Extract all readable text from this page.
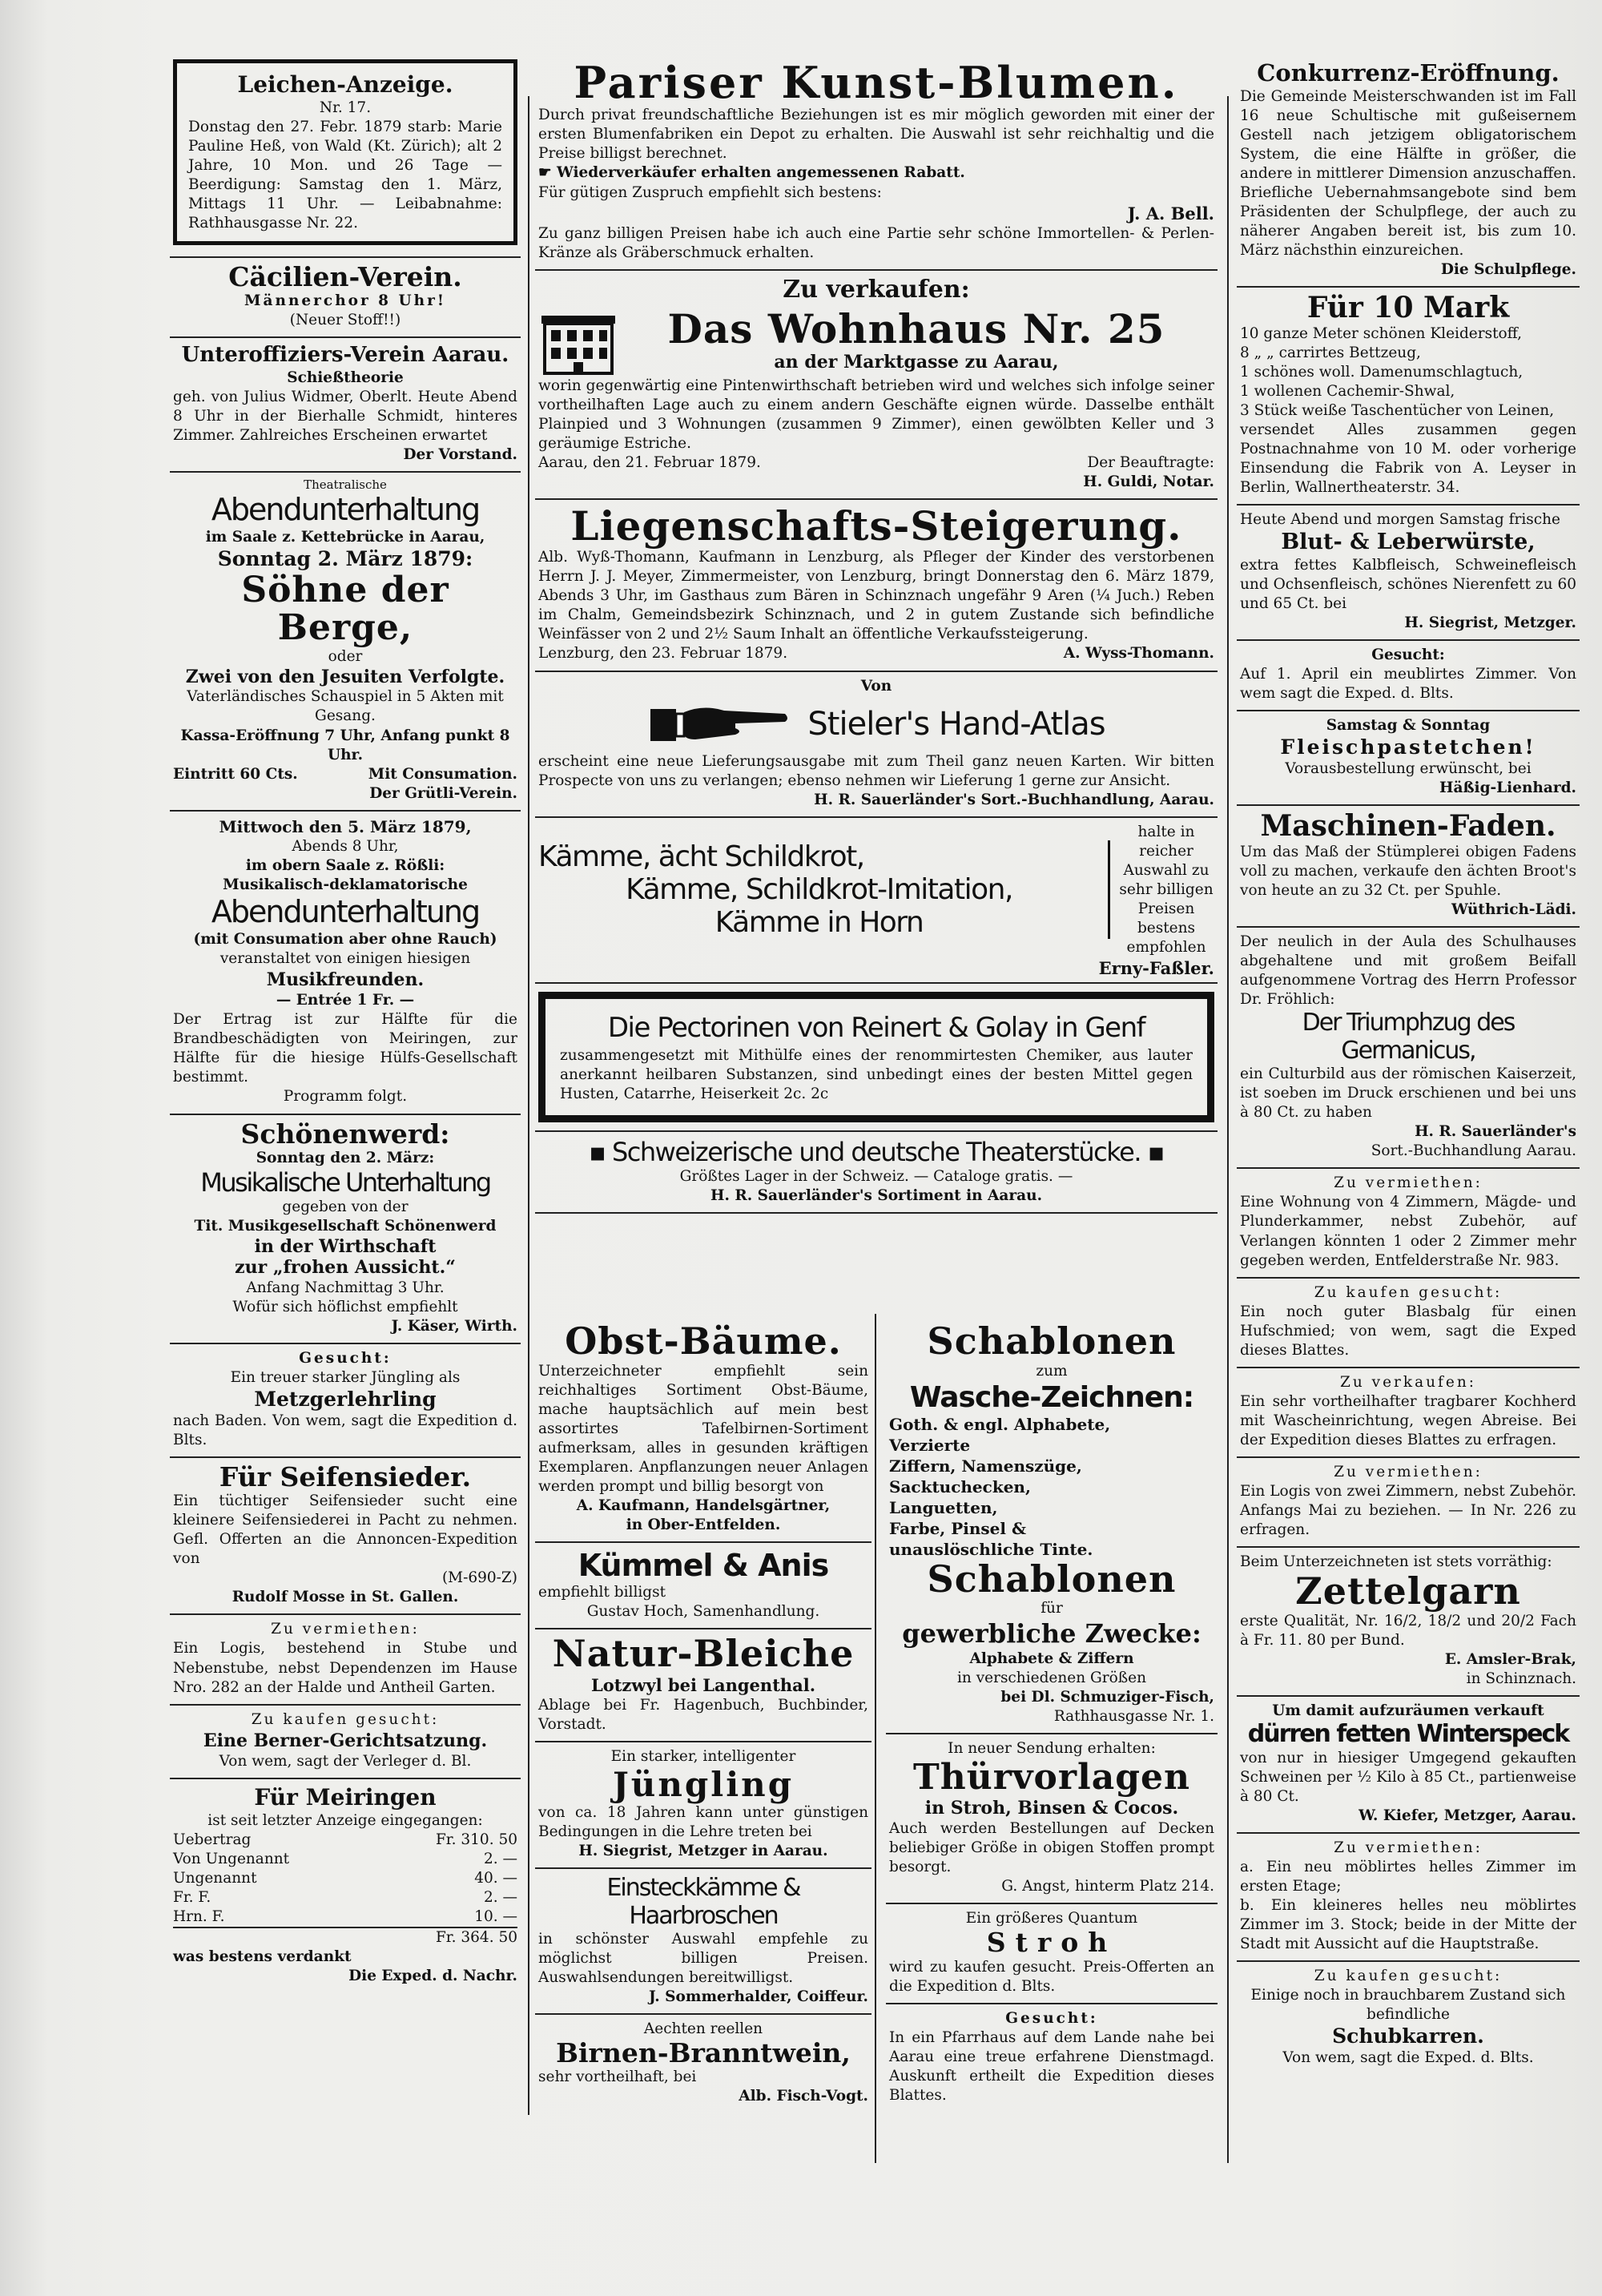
Leichen-Anzeige.
Nr. 17.
Donstag den 27. Febr. 1879 starb: Marie Pauline Heß, von Wald (Kt. Zürich); alt 2 Jahre, 10 Mon. und 26 Tage — Beerdigung: Samstag den 1. März, Mittags 11 Uhr. — Leibabnahme: Rathhausgasse Nr. 22.
Cäcilien-Verein.
Männerchor 8 Uhr!
(Neuer Stoff!!)
Unteroffiziers-Verein Aarau.
Schießtheorie
geh. von Julius Widmer, Oberlt. Heute Abend 8 Uhr in der Bierhalle Schmidt, hinteres Zimmer. Zahlreiches Erscheinen erwartet
Der Vorstand.
Theatralische
Abendunterhaltung
im Saale z. Kettebrücke in Aarau,
Sonntag 2. März 1879:
Söhne der Berge,
oder
Zwei von den Jesuiten Verfolgte.
Vaterländisches Schauspiel in 5 Akten mit Gesang.
Kassa-Eröffnung 7 Uhr, Anfang punkt 8 Uhr.
Eintritt 60 Cts.	Mit Consumation.
Der Grütli-Verein.
Mittwoch den 5. März 1879,
Abends 8 Uhr,
im obern Saale z. Rößli:
Musikalisch-deklamatorische
Abendunterhaltung
(mit Consumation aber ohne Rauch)
veranstaltet von einigen hiesigen
Musikfreunden.
— Entrée 1 Fr. —
Der Ertrag ist zur Hälfte für die Brandbeschädigten von Meiringen, zur Hälfte für die hiesige Hülfs-Gesellschaft bestimmt.
Programm folgt.
Schönenwerd:
Sonntag den 2. März:
Musikalische Unterhaltung
gegeben von der
Tit. Musikgesellschaft Schönenwerd
in der Wirthschaft
zur „frohen Aussicht.“
Anfang Nachmittag 3 Uhr.
Wofür sich höflichst empfiehlt
J. Käser, Wirth.
Gesucht:
Ein treuer starker Jüngling als
Metzgerlehrling
nach Baden. Von wem, sagt die Expedition d. Blts.
Für Seifensieder.
Ein tüchtiger Seifensieder sucht eine kleinere Seifensiederei in Pacht zu nehmen. Gefl. Offerten an die Annoncen-Expedition von
(M-690-Z)
Rudolf Mosse in St. Gallen.
Zu vermiethen:
Ein Logis, bestehend in Stube und Nebenstube, nebst Dependenzen im Hause Nro. 282 an der Halde und Antheil Garten.
Zu kaufen gesucht:
Eine Berner-Gerichtsatzung.
Von wem, sagt der Verleger d. Bl.
Für Meiringen
ist seit letzter Anzeige eingegangen:
Uebertrag	Fr. 310. 50
Von Ungenannt	2. —
Ungenannt	40. —
Fr. F.	2. —
Hrn. F.	10. —
Fr. 364. 50
was bestens verdankt
Die Exped. d. Nachr.
Pariser Kunst-Blumen.
Durch privat freundschaftliche Beziehungen ist es mir möglich geworden mit einer der ersten Blumenfabriken ein Depot zu erhalten. Die Auswahl ist sehr reichhaltig und die Preise billigst berechnet.
☛ Wiederverkäufer erhalten angemessenen Rabatt.
Für gütigen Zuspruch empfiehlt sich bestens:
J. A. Bell.
Zu ganz billigen Preisen habe ich auch eine Partie sehr schöne Immortellen- & Perlen-Kränze als Gräberschmuck erhalten.
Zu verkaufen:
Das Wohnhaus Nr. 25
an der Marktgasse zu Aarau,
worin gegenwärtig eine Pintenwirthschaft betrieben wird und welches sich infolge seiner vortheilhaften Lage auch zu einem andern Geschäfte eignen würde. Dasselbe enthält Plainpied und 3 Wohnungen (zusammen 9 Zimmer), einen gewölbten Keller und 3 geräumige Estriche.
Aarau, den 21. Februar 1879.	Der Beauftragte:
H. Guldi, Notar.
Liegenschafts-Steigerung.
Alb. Wyß-Thomann, Kaufmann in Lenzburg, als Pfleger der Kinder des verstorbenen Herrn J. J. Meyer, Zimmermeister, von Lenzburg, bringt Donnerstag den 6. März 1879, Abends 3 Uhr, im Gasthaus zum Bären in Schinznach ungefähr 9 Aren (¼ Juch.) Reben im Chalm, Gemeindsbezirk Schinznach, und 2 in gutem Zustande sich befindliche Weinfässer von 2 und 2½ Saum Inhalt an öffentliche Verkaufssteigerung.
Lenzburg, den 23. Februar 1879.	A. Wyss-Thomann.
Von
Stieler's Hand-Atlas
erscheint eine neue Lieferungsausgabe mit zum Theil ganz neuen Karten. Wir bitten Prospecte von uns zu verlangen; ebenso nehmen wir Lieferung 1 gerne zur Ansicht.
H. R. Sauerländer's Sort.-Buchhandlung, Aarau.
Kämme, ächt Schildkrot,
Kämme, Schildkrot-Imitation,
Kämme in Horn
halte in reicher Auswahl zu sehr billigen Preisen bestens empfohlen
Erny-Faßler.
Die Pectorinen von Reinert & Golay in Genf
zusammengesetzt mit Mithülfe eines der renommirtesten Chemiker, aus lauter anerkannt heilbaren Substanzen, sind unbedingt eines der besten Mittel gegen Husten, Catarrhe, Heiserkeit 2c. 2c
▪ Schweizerische und deutsche Theaterstücke. ▪
Größtes Lager in der Schweiz. — Cataloge gratis. —
H. R. Sauerländer's Sortiment in Aarau.
Obst-Bäume.
Unterzeichneter empfiehlt sein reichhaltiges Sortiment Obst-Bäume, mache hauptsächlich auf mein best assortirtes Tafelbirnen-Sortiment aufmerksam, alles in gesunden kräftigen Exemplaren. Anpflanzungen neuer Anlagen werden prompt und billig besorgt von
A. Kaufmann, Handelsgärtner,
in Ober-Entfelden.
Kümmel & Anis
empfiehlt billigst
Gustav Hoch, Samenhandlung.
Natur-Bleiche
Lotzwyl bei Langenthal.
Ablage bei Fr. Hagenbuch, Buchbinder, Vorstadt.
Ein starker, intelligenter
Jüngling
von ca. 18 Jahren kann unter günstigen Bedingungen in die Lehre treten bei
H. Siegrist, Metzger in Aarau.
Einsteckkämme & Haarbroschen
in schönster Auswahl empfehle zu möglichst billigen Preisen. Auswahlsendungen bereitwilligst.
J. Sommerhalder, Coiffeur.
Aechten reellen
Birnen-Branntwein,
sehr vortheilhaft, bei
Alb. Fisch-Vogt.
Schablonen
zum
Wasche-Zeichnen:
Goth. & engl. Alphabete,
Verzierte
Ziffern, Namenszüge,
Sacktuchecken,
Languetten,
Farbe, Pinsel &
unauslöschliche Tinte.
Schablonen
für
gewerbliche Zwecke:
Alphabete & Ziffern
in verschiedenen Größen
bei Dl. Schmuziger-Fisch,
Rathhausgasse Nr. 1.
In neuer Sendung erhalten:
Thürvorlagen
in Stroh, Binsen & Cocos.
Auch werden Bestellungen auf Decken beliebiger Größe in obigen Stoffen prompt besorgt.
G. Angst, hinterm Platz 214.
Ein größeres Quantum
Stroh
wird zu kaufen gesucht. Preis-Offerten an die Expedition d. Blts.
Gesucht:
In ein Pfarrhaus auf dem Lande nahe bei Aarau eine treue erfahrene Dienstmagd. Auskunft ertheilt die Expedition dieses Blattes.
Conkurrenz-Eröffnung.
Die Gemeinde Meisterschwanden ist im Fall 16 neue Schultische mit gußeisernem Gestell nach jetzigem obligatorischem System, die eine Hälfte in größer, die andere in mittlerer Dimension anzuschaffen. Briefliche Uebernahmsangebote sind bem Präsidenten der Schulpflege, der auch zu näherer Angaben bereit ist, bis zum 10. März nächsthin einzureichen.
Die Schulpflege.
Für 10 Mark
10 ganze Meter schönen Kleiderstoff,
8 „ „ carrirtes Bettzeug,
1 schönes woll. Damenumschlagtuch,
1 wollenen Cachemir-Shwal,
3 Stück weiße Taschentücher von Leinen,
versendet Alles zusammen gegen Postnachnahme von 10 M. oder vorherige Einsendung die Fabrik von A. Leyser in Berlin, Wallnertheaterstr. 34.
Heute Abend und morgen Samstag frische
Blut- & Leberwürste,
extra fettes Kalbfleisch, Schweinefleisch und Ochsenfleisch, schönes Nierenfett zu 60 und 65 Ct. bei
H. Siegrist, Metzger.
Gesucht:
Auf 1. April ein meublirtes Zimmer. Von wem sagt die Exped. d. Blts.
Samstag & Sonntag
Fleischpastetchen!
Vorausbestellung erwünscht, bei
Häßig-Lienhard.
Maschinen-Faden.
Um das Maß der Stümplerei obigen Fadens voll zu machen, verkaufe den ächten Broot's von heute an zu 32 Ct. per Spuhle.
Wüthrich-Lädi.
Der neulich in der Aula des Schulhauses abgehaltene und mit großem Beifall aufgenommene Vortrag des Herrn Professor Dr. Fröhlich:
Der Triumphzug des Germanicus,
ein Culturbild aus der römischen Kaiserzeit, ist soeben im Druck erschienen und bei uns à 80 Ct. zu haben
H. R. Sauerländer's
Sort.-Buchhandlung Aarau.
Zu vermiethen:
Eine Wohnung von 4 Zimmern, Mägde- und Plunderkammer, nebst Zubehör, auf Verlangen könnten 1 oder 2 Zimmer mehr gegeben werden, Entfelderstraße Nr. 983.
Zu kaufen gesucht:
Ein noch guter Blasbalg für einen Hufschmied; von wem, sagt die Exped dieses Blattes.
Zu verkaufen:
Ein sehr vortheilhafter tragbarer Kochherd mit Wascheinrichtung, wegen Abreise. Bei der Expedition dieses Blattes zu erfragen.
Zu vermiethen:
Ein Logis von zwei Zimmern, nebst Zubehör. Anfangs Mai zu beziehen. — In Nr. 226 zu erfragen.
Beim Unterzeichneten ist stets vorräthig:
Zettelgarn
erste Qualität, Nr. 16/2, 18/2 und 20/2 Fach à Fr. 11. 80 per Bund.
E. Amsler-Brak,
in Schinznach.
Um damit aufzuräumen verkauft
dürren fetten Winterspeck
von nur in hiesiger Umgegend gekauften Schweinen per ½ Kilo à 85 Ct., partienweise à 80 Ct.
W. Kiefer, Metzger, Aarau.
Zu vermiethen:
a. Ein neu möblirtes helles Zimmer im ersten Etage;
b. Ein kleineres helles neu möblirtes Zimmer im 3. Stock; beide in der Mitte der Stadt mit Aussicht auf die Hauptstraße.
Zu kaufen gesucht:
Einige noch in brauchbarem Zustand sich befindliche
Schubkarren.
Von wem, sagt die Exped. d. Blts.
